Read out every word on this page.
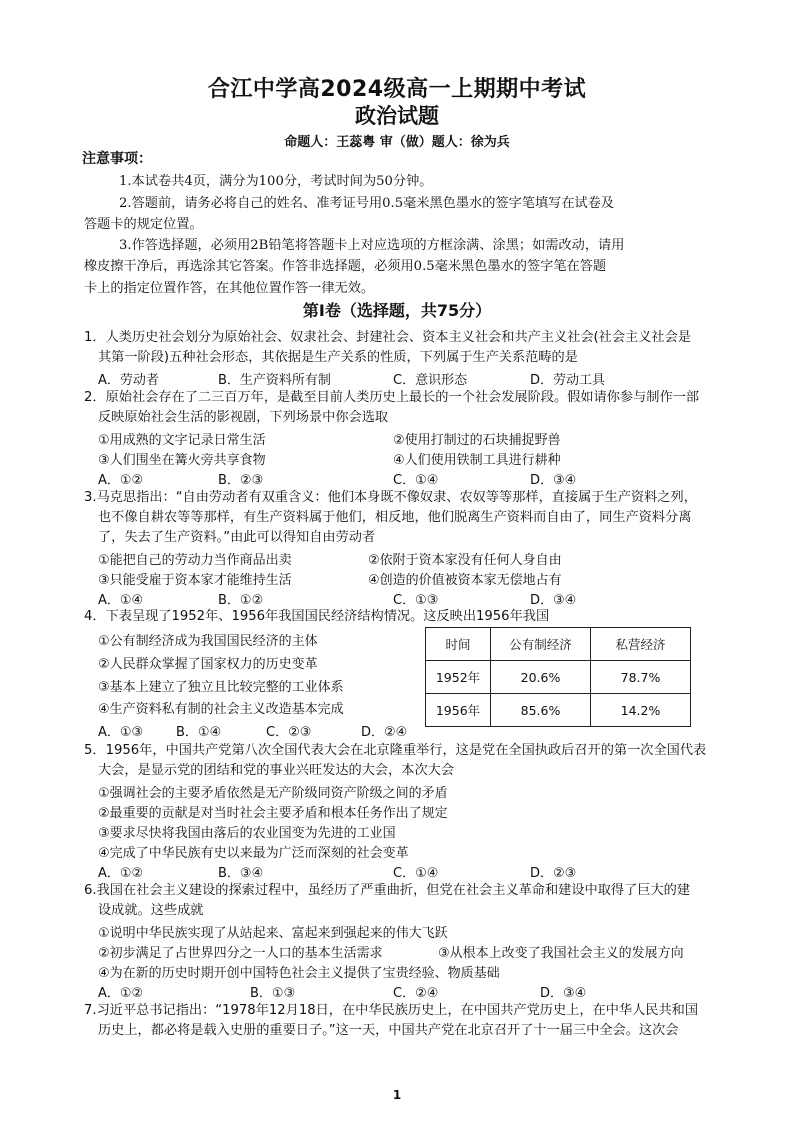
合江中学高2024级高一上期期中考试
政治试题
命题人：王蕊粤 审（做）题人：徐为兵
注意事项：
1.本试卷共4页，满分为100分，考试时间为50分钟。
2.答题前，请务必将自己的姓名、准考证号用0.5毫米黑色墨水的签字笔填写在试卷及
答题卡的规定位置。
3.作答选择题，必须用2B铅笔将答题卡上对应选项的方框涂满、涂黑；如需改动，请用
橡皮擦干净后，再选涂其它答案。作答非选择题，必须用0.5毫米黑色墨水的签字笔在答题
卡上的指定位置作答，在其他位置作答一律无效。
第Ⅰ卷（选择题，共75分）
1．人类历史社会划分为原始社会、奴隶社会、封建社会、资本主义社会和共产主义社会(社会主义社会是
其第一阶段)五种社会形态，其依据是生产关系的性质，下列属于生产关系范畴的是
A．劳动者	B．生产资料所有制	C．意识形态	D．劳动工具
2．原始社会存在了二三百万年，是截至目前人类历史上最长的一个社会发展阶段。假如请你参与制作一部
反映原始社会生活的影视剧，下列场景中你会选取
①用成熟的文字记录日常生活	②使用打制过的石块捕捉野兽
③人们围坐在篝火旁共享食物	④人们使用铁制工具进行耕种
A．①②	B．②③	C．①④	D．③④
3.马克思指出：“自由劳动者有双重含义：他们本身既不像奴隶、农奴等等那样，直接属于生产资料之列，
也不像自耕农等等那样，有生产资料属于他们，相反地，他们脱离生产资料而自由了，同生产资料分离
了，失去了生产资料。”由此可以得知自由劳动者
①能把自己的劳动力当作商品出卖	②依附于资本家没有任何人身自由
③只能受雇于资本家才能维持生活	④创造的价值被资本家无偿地占有
A．①④	B．①②	C．①③	D．③④
4．下表呈现了1952年、1956年我国国民经济结构情况。这反映出1956年我国
①公有制经济成为我国国民经济的主体
②人民群众掌握了国家权力的历史变革
③基本上建立了独立且比较完整的工业体系
④生产资料私有制的社会主义改造基本完成
A．①③	B．①④	C．②③	D．②④
时间	公有制经济	私营经济
1952年	20.6%	78.7%
1956年	85.6%	14.2%
5．1956年，中国共产党第八次全国代表大会在北京隆重举行，这是党在全国执政后召开的第一次全国代表
大会，是显示党的团结和党的事业兴旺发达的大会，本次大会
①强调社会的主要矛盾依然是无产阶级同资产阶级之间的矛盾
②最重要的贡献是对当时社会主要矛盾和根本任务作出了规定
③要求尽快将我国由落后的农业国变为先进的工业国
④完成了中华民族有史以来最为广泛而深刻的社会变革
A．①②	B．③④	C．①④	D．②③
6.我国在社会主义建设的探索过程中，虽经历了严重曲折，但党在社会主义革命和建设中取得了巨大的建
设成就。这些成就
①说明中华民族实现了从站起来、富起来到强起来的伟大飞跃
②初步满足了占世界四分之一人口的基本生活需求	③从根本上改变了我国社会主义的发展方向
④为在新的历史时期开创中国特色社会主义提供了宝贵经验、物质基础
A．①②	B．①③	C．②④	D．③④
7.习近平总书记指出：“1978年12月18日，在中华民族历史上，在中国共产党历史上，在中华人民共和国
历史上，都必将是载入史册的重要日子。”这一天，中国共产党在北京召开了十一届三中全会。这次会
1
